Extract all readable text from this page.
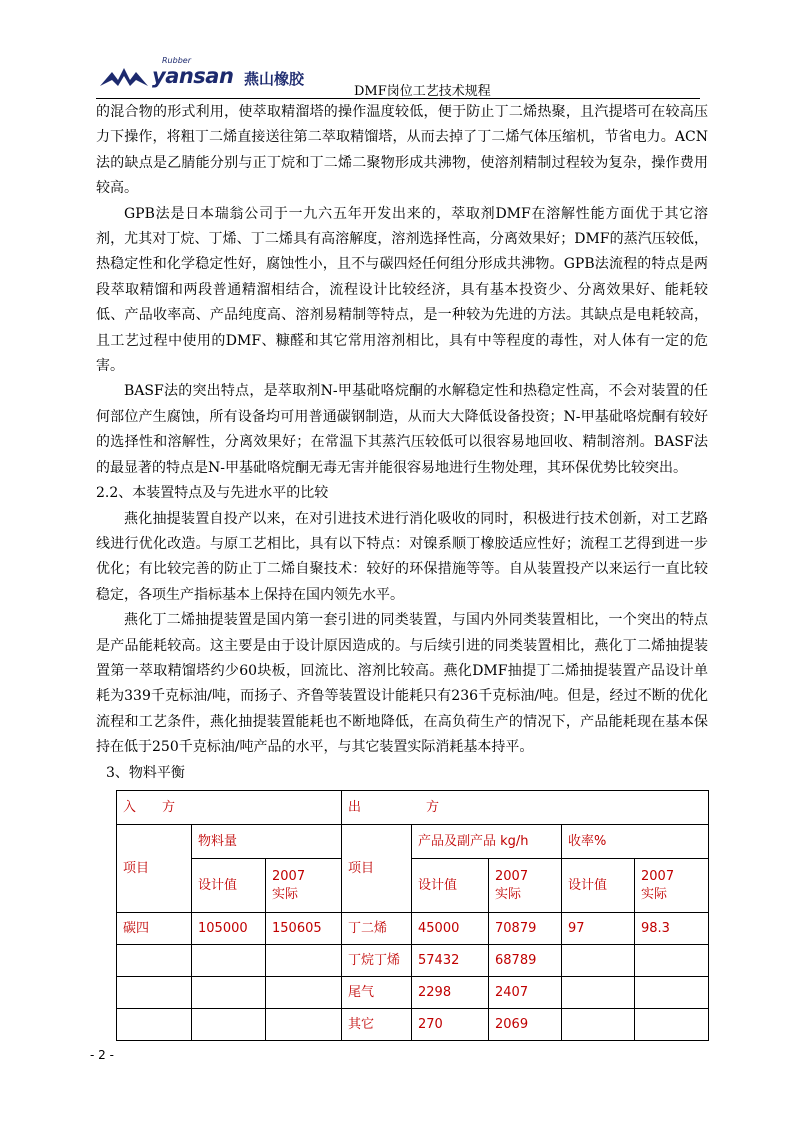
Rubber
yansan 燕山橡胶
DMF岗位工艺技术规程

的混合物的形式利用，使萃取精溜塔的操作温度较低，便于防止丁二烯热聚，且汽提塔可在较高压力下操作，将粗丁二烯直接送往第二萃取精馏塔，从而去掉了丁二烯气体压缩机，节省电力。ACN法的缺点是乙腈能分别与正丁烷和丁二烯二聚物形成共沸物，使溶剂精制过程较为复杂，操作费用较高。

GPB法是日本瑞翁公司于一九六五年开发出来的，萃取剂DMF在溶解性能方面优于其它溶剂，尤其对丁烷、丁烯、丁二烯具有高溶解度，溶剂选择性高，分离效果好；DMF的蒸汽压较低，热稳定性和化学稳定性好，腐蚀性小，且不与碳四烃任何组分形成共沸物。GPB法流程的特点是两段萃取精馏和两段普通精溜相结合，流程设计比较经济，具有基本投资少、分离效果好、能耗较低、产品收率高、产品纯度高、溶剂易精制等特点，是一种较为先进的方法。其缺点是电耗较高，且工艺过程中使用的DMF、糠醛和其它常用溶剂相比，具有中等程度的毒性，对人体有一定的危害。

BASF法的突出特点，是萃取剂N-甲基砒咯烷酮的水解稳定性和热稳定性高，不会对装置的任何部位产生腐蚀，所有设备均可用普通碳钢制造，从而大大降低设备投资；N-甲基砒咯烷酮有较好的选择性和溶解性，分离效果好；在常温下其蒸汽压较低可以很容易地回收、精制溶剂。BASF法的最显著的特点是N-甲基砒咯烷酮无毒无害并能很容易地进行生物处理，其环保优势比较突出。

2.2、本装置特点及与先进水平的比较

燕化抽提装置自投产以来，在对引进技术进行消化吸收的同时，积极进行技术创新，对工艺路线进行优化改造。与原工艺相比，具有以下特点：对镍系顺丁橡胶适应性好；流程工艺得到进一步优化；有比较完善的防止丁二烯自聚技术：较好的环保措施等等。自从装置投产以来运行一直比较稳定，各项生产指标基本上保持在国内领先水平。

燕化丁二烯抽提装置是国内第一套引进的同类装置，与国内外同类装置相比，一个突出的特点是产品能耗较高。这主要是由于设计原因造成的。与后续引进的同类装置相比，燕化丁二烯抽提装置第一萃取精馏塔约少60块板，回流比、溶剂比较高。燕化DMF抽提丁二烯抽提装置产品设计单耗为339千克标油/吨，而扬子、齐鲁等装置设计能耗只有236千克标油/吨。但是，经过不断的优化流程和工艺条件，燕化抽提装置能耗也不断地降低，在高负荷生产的情况下，产品能耗现在基本保持在低于250千克标油/吨产品的水平，与其它装置实际消耗基本持平。

3、物料平衡

入　　方			出　　　　　方				
项目	物料量		项目	产品及副产品 kg/h		收率%	
	设计值	2007　　实际		设计值	2007　　实际	设计值	2007　　实际
碳四	105000	150605	丁二烯	45000	70879	97	98.3
			丁烷丁烯	57432	68789		
			尾气	2298	2407		
			其它	270	2069		
- 2 -
